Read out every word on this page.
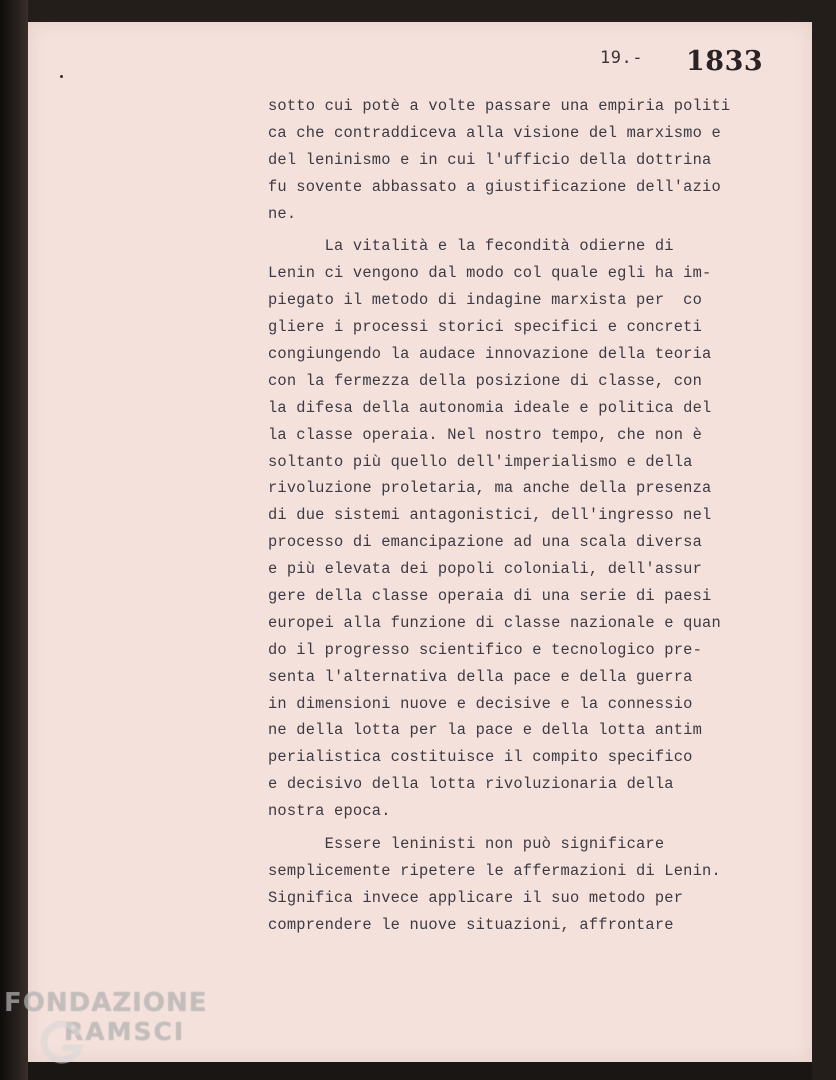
19.- 1833
sotto cui potè a volte passare una empiria politi
ca che contraddiceva alla visione del marxismo e
del leninismo e in cui l'ufficio della dottrina
fu sovente abbassato a giustificazione dell'azio
ne.
La vitalità e la fecondità odierne di
Lenin ci vengono dal modo col quale egli ha im-
piegato il metodo di indagine marxista per  co
gliere i processi storici specifici e concreti
congiungendo la audace innovazione della teoria
con la fermezza della posizione di classe, con
la difesa della autonomia ideale e politica del
la classe operaia. Nel nostro tempo, che non è
soltanto più quello dell'imperialismo e della
rivoluzione proletaria, ma anche della presenza
di due sistemi antagonistici, dell'ingresso nel
processo di emancipazione ad una scala diversa
e più elevata dei popoli coloniali, dell'assur
gere della classe operaia di una serie di paesi
europei alla funzione di classe nazionale e quan
do il progresso scientifico e tecnologico pre-
senta l'alternativa della pace e della guerra
in dimensioni nuove e decisive e la connessio
ne della lotta per la pace e della lotta antim
perialistica costituisce il compito specifico
e decisivo della lotta rivoluzionaria della
nostra epoca.
Essere leninisti non può significare
semplicemente ripetere le affermazioni di Lenin.
Significa invece applicare il suo metodo per
comprendere le nuove situazioni, affrontare
FONDAZIONE
RAMSCI
